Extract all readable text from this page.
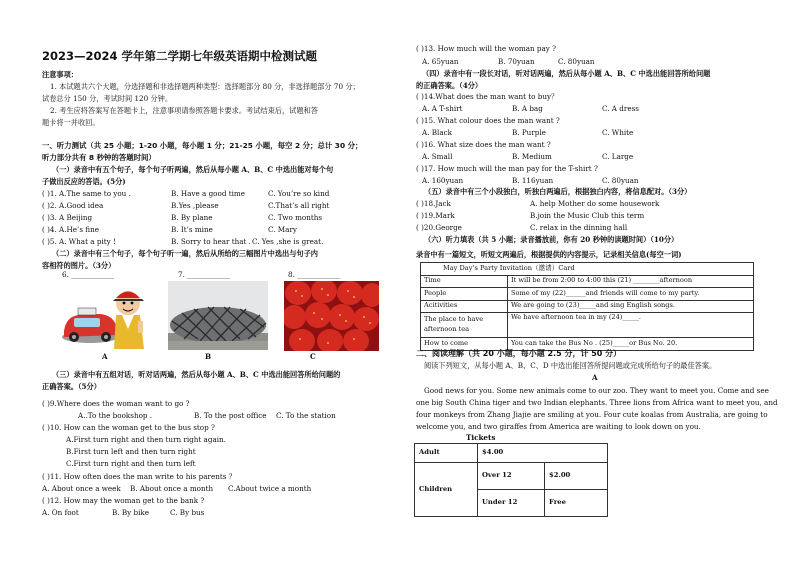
2023—2024 学年第二学期七年级英语期中检测试题
注意事项：
1. 本试题共六个大题，分选择题和非选择题两种类型：选择题部分 80 分，非选择题部分 70 分；
试卷总分 150 分，考试时间 120 分钟。
2. 考生应将答案写在答题卡上，注意事项请参照答题卡要求。考试结束后，试题和答
题卡将一并收回。
一、听力测试（共 25 小题；1-20 小题，每小题 1 分；21-25 小题，每空 2 分；总计 30 分；
听力部分共有 8 秒钟的答题时间）
（一）录音中有五个句子，每个句子听两遍，然后从每小题 A、B、C 中选出能对每个句
子做出反应的答语。(5分)
( )1. A.The same to you .	B. Have a good time	C. You’re so kind
( )2. A.Good idea	B.Yes ,please	C.That’s all right
( )3. A Beijing	B. By plane	C. Two months
( )4. A.He’s fine	B. It’s mine	C. Mary
( )5. A. What a pity !	B. Sorry to hear that . C. Yes ,she is great.
（二）录音中有三个句子，每个句子听一遍，然后从所给的三幅图片中选出与句子内
容相符的图片。（3分）
6. ____________	7. ____________	8. ____________
A	B	C
（三）录音中有五组对话，听对话两遍，然后从每小题 A、B、C 中选出能回答所给问题的
正确答案。（5分）
( )9.Where does the woman want to go ?
A..To the bookshop .	B. To the post office C. To the station
( )10. How can the woman get to the bus stop ?
A.First turn right and then turn right again.
B.First turn left and then turn right
C.First turn right and then turn left
( )11. How often does the man write to his parents ？
A. About once a week B. About once a month C.About twice a month
( )12. How may the woman get to the bank ?
A. On foot	B. By bike	C. By bus
( )13. How much will the woman pay ?
A. 65yuan	B. 70yuan	C. 80yuan
（四）录音中有一段长对话，听对话两遍，然后从每小题 A、B、C 中选出能回答所给问题
的正确答案。（4分）
( )14.What does the man want to buy？
A. A T-shirt	B. A bag	C. A dress
( )15. What colour does the man want ?
A. Black	B. Purple	C. White
( )16. What size does the man want ?
A. Small	B. Medium	C. Large
( )17. How much will the man pay for the T-shirt ?
A. 160yuan	B. 116yuan	C. 80yuan
（五）录音中有三个小段独白，听独白两遍后，根据独白内容，将信息配对。（3分）
( )18.Jack	A. help Mother do some housework
( )19.Mark	B.join the Music Club this term
( )20.George	C. relax in the dinning hall
（六）听力填表（共 5 小题；录音播放前，你有 20 秒钟的读题时间）（10分）
录音中有一篇短文，听短文两遍后，根据提供的内容提示，记录相关信息(每空一词)
May Day’s Party Invitation（邀请）Card	
Time	It will be from 2:00 to 4:00 this (21) ________afternoon
People	Some of my (22)______and friends will come to my party.
Acitivities	We are going to (23)_____and sing English songs.
The place to have
afternoon tea	We have afternoon tea in my (24)_____.
How to come	You can take the Bus No . (25)_____or Bus No. 20.
二、阅读理解（共 20 小题，每小题 2.5 分，计 50 分）
阅读下列短文，从每小题 A、B、C、D 中选出能回答所提问题或完成所给句子的最佳答案。
A
Good news for you. Some new animals come to our zoo. They want to meet you. Come and see
one big South China tiger and two Indian elephants. Three lions from Africa want to meet you, and
four monkeys from Zhang Jiajie are smiling at you. Four cute koalas from Australia, are going to
welcome you, and two giraffes from America are waiting to look down on you.
Tickets
Adult	$4.00	
Children	Over 12	$2.00
	Under 12	Free
